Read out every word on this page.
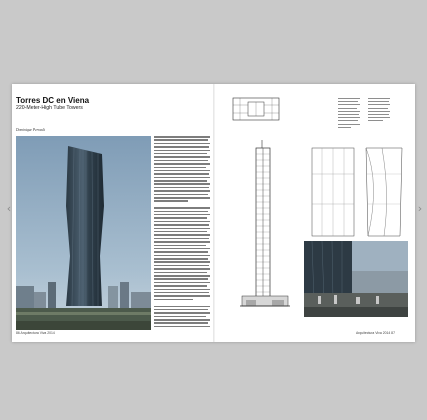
‹	›
Torres DC en Viena
220-Meter-High Tube Towers
Dominique Perrault
86 Arquitectura Viva 2014	Arquitectura Viva 2014 87
